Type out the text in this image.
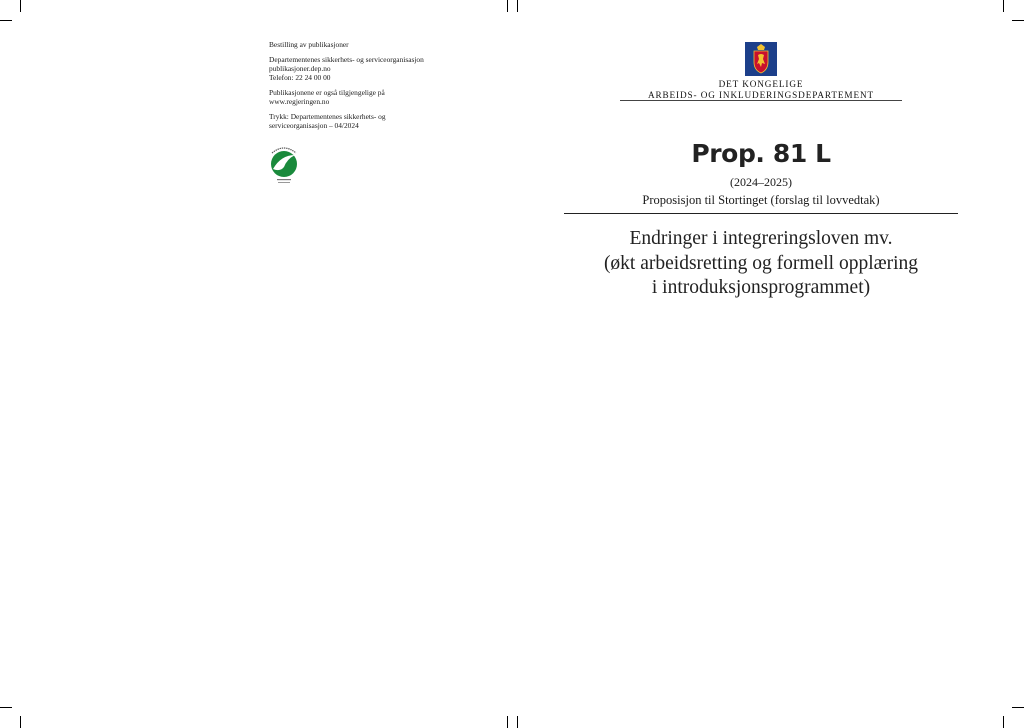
Bestilling av publikasjoner

Departementenes sikkerhets- og serviceorganisasjon

publikasjoner.dep.no

Telefon: 22 24 00 00

Publikasjonene er også tilgjengelige på

www.regjeringen.no

Trykk: Departementenes sikkerhets- og

serviceorganisasjon – 04/2024

DET KONGELIGE
ARBEIDS- OG INKLUDERINGSDEPARTEMENT
Prop. 81 L
(2024–2025)
Proposisjon til Stortinget (forslag til lovvedtak)
Endringer i integreringsloven mv.
(økt arbeidsretting og formell opplæring
i introduksjonsprogrammet)
